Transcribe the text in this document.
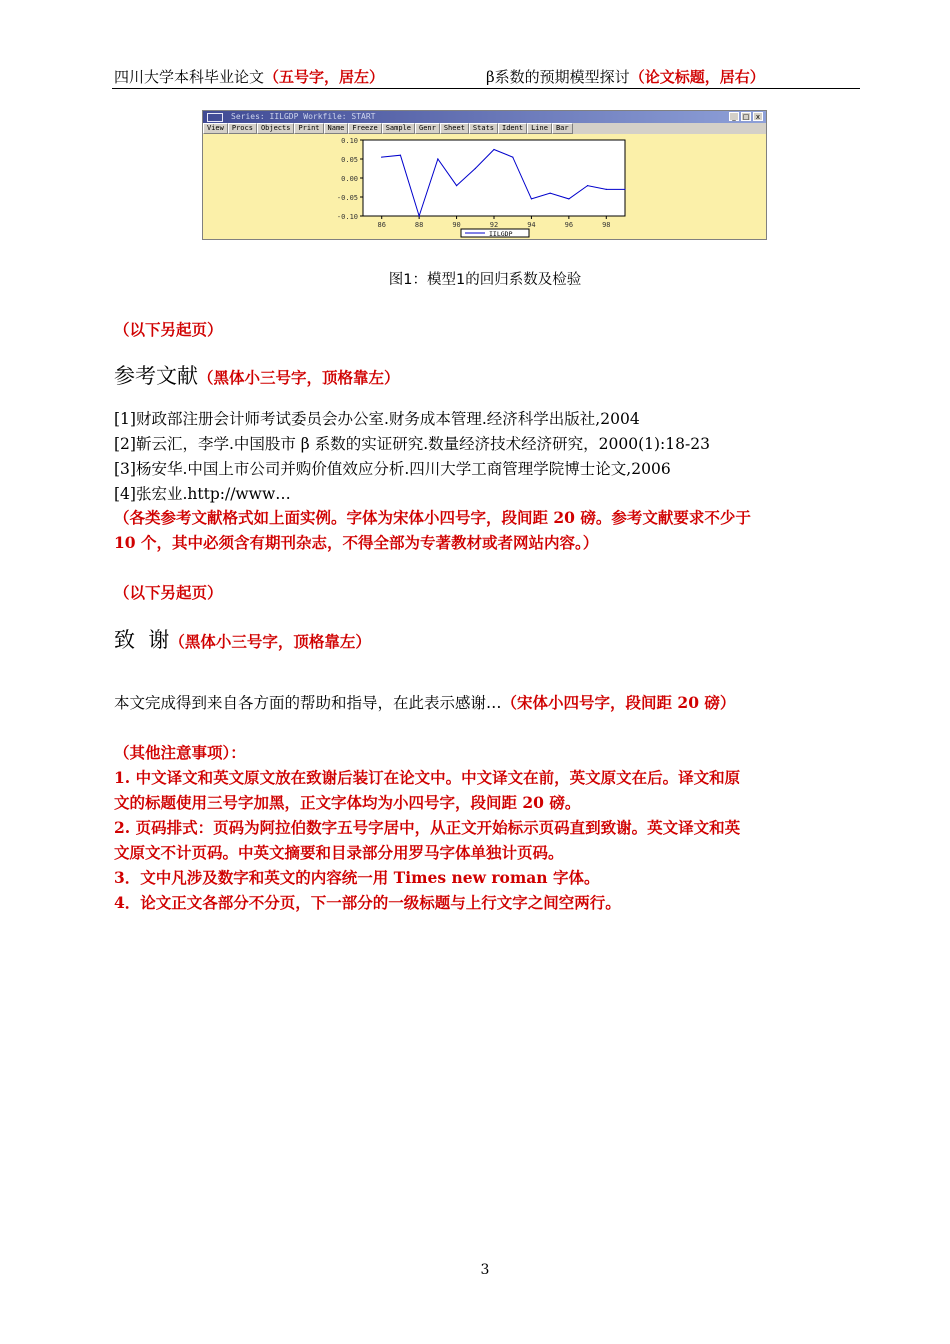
四川大学本科毕业论文（五号字，居左）	β系数的预期模型探讨（论文标题，居右）
Series: IILGDP Workfile: START	_ □ x
View	Procs	Objects	Print	Name	Freeze	Sample	Genr	Sheet	Stats	Ident	Line	Bar
0.10
0.05
0.00
-0.05
-0.10
86	88	90	92	94	96	98
IILGDP
图1：模型1的回归系数及检验
（以下另起页）
参考文献（黑体小三号字，顶格靠左）
[1]财政部注册会计师考试委员会办公室.财务成本管理.经济科学出版社,2004
[2]靳云汇，李学.中国股市 β 系数的实证研究.数量经济技术经济研究，2000(1):18-23
[3]杨安华.中国上市公司并购价值效应分析.四川大学工商管理学院博士论文,2006
[4]张宏业.http://www…
（各类参考文献格式如上面实例。字体为宋体小四号字，段间距 20 磅。参考文献要求不少于
10 个，其中必须含有期刊杂志，不得全部为专著教材或者网站内容。）
（以下另起页）
致  谢（黑体小三号字，顶格靠左）
本文完成得到来自各方面的帮助和指导，在此表示感谢…（宋体小四号字，段间距 20 磅）
（其他注意事项）：
1. 中文译文和英文原文放在致谢后装订在论文中。中文译文在前，英文原文在后。译文和原
文的标题使用三号字加黑，正文字体均为小四号字，段间距 20 磅。
2. 页码排式：页码为阿拉伯数字五号字居中，从正文开始标示页码直到致谢。英文译文和英
文原文不计页码。中英文摘要和目录部分用罗马字体单独计页码。
3．文中凡涉及数字和英文的内容统一用 Times new roman 字体。
4．论文正文各部分不分页，下一部分的一级标题与上行文字之间空两行。
3
